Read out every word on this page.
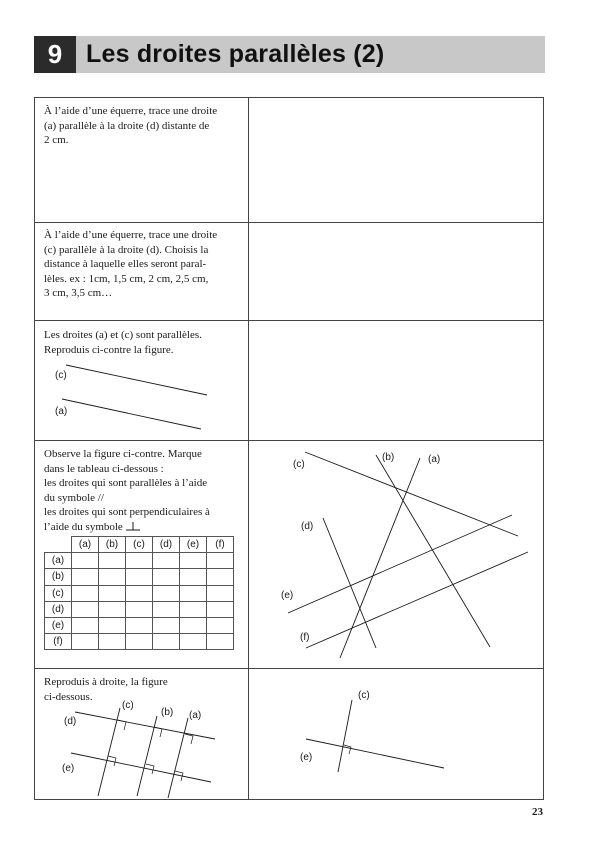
9 Les droites parallèles (2)
À l’aide d’une équerre, trace une droite
(a) parallèle à la droite (d) distante de
2 cm.
À l’aide d’une équerre, trace une droite
(c) parallèle à la droite (d). Choisis la
distance à laquelle elles seront paral-
lèles. ex : 1cm, 1,5 cm, 2 cm, 2,5 cm,
3 cm, 3,5 cm…
Les droites (a) et (c) sont parallèles.
Reproduis ci-contre la figure.
(c)
(a)
Observe la figure ci-contre. Marque
dans le tableau ci-dessous :
les droites qui sont parallèles à l’aide
du symbole //
les droites qui sont perpendiculaires à
l’aide du symbole
	(a)	(b)	(c)	(d)	(e)	(f)
(a)						
(b)						
(c)						
(d)						
(e)						
(f)						
(b)	(a)
(c)
(d)
(e)
(f)
Reproduis à droite, la figure
ci-dessous.
(d)
(c)
(b) (a)
(e)
(c)
(e)
23
